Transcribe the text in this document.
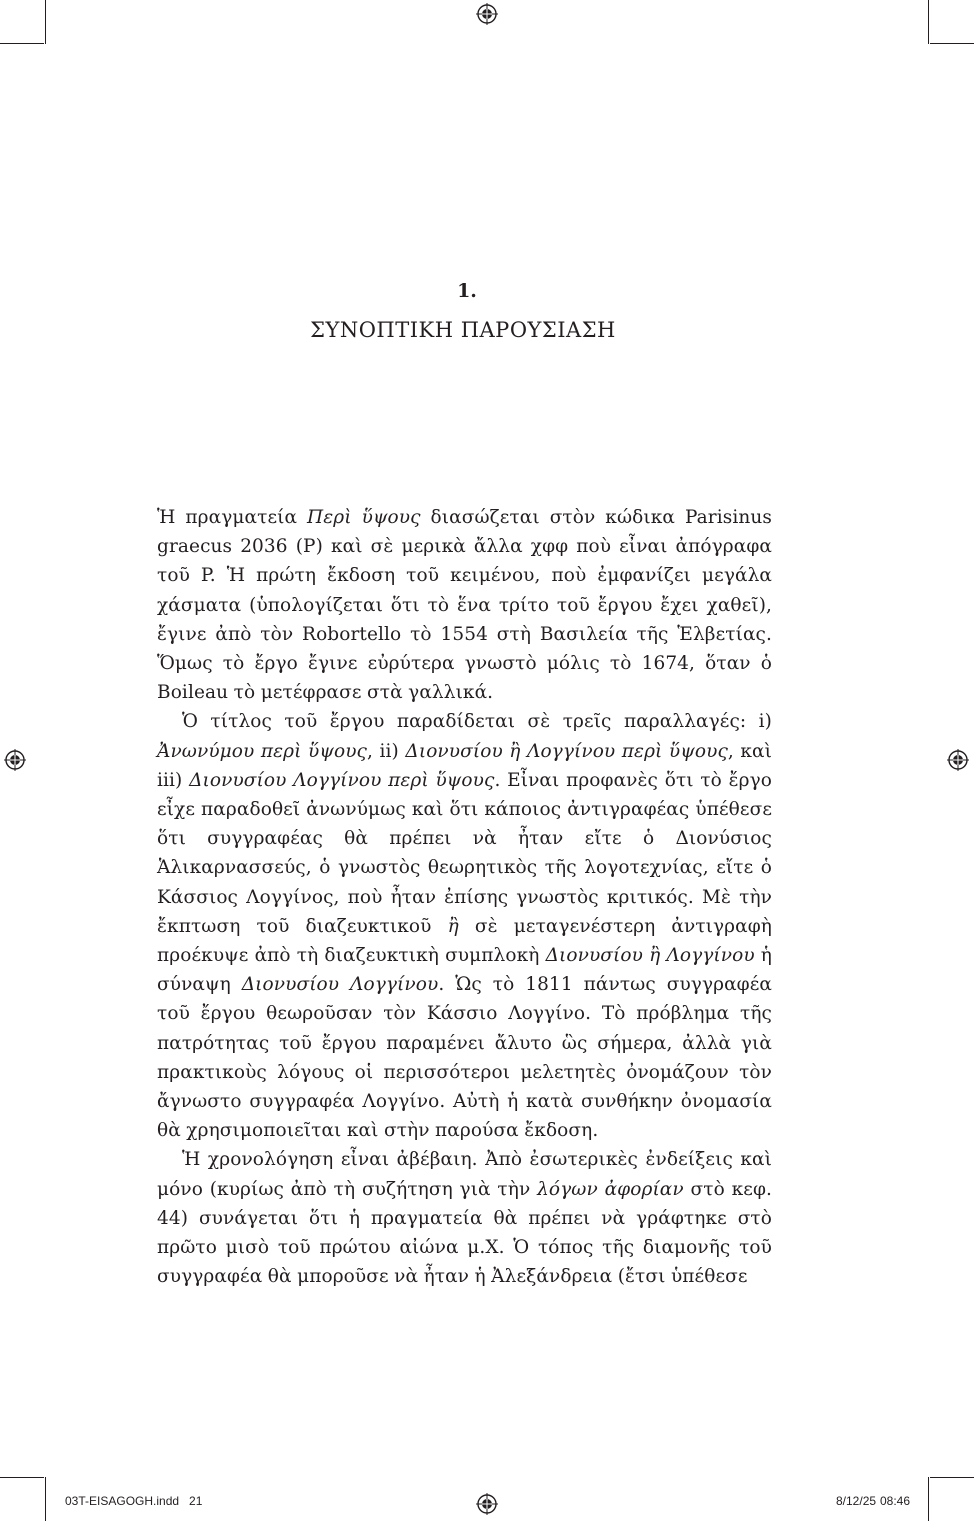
1.
ΣΥΝΟΠΤΙΚΗ ΠΑΡΟΥΣΙΑΣΗ

Ἡ πραγματεία Περὶ ὕψους διασώζεται στὸν κώδικα Parisinus graecus 2036 (P) καὶ σὲ μερικὰ ἄλλα χφφ ποὺ εἶναι ἀπόγραφα τοῦ P. Ἡ πρώτη ἔκδοση τοῦ κειμένου, ποὺ ἐμφανίζει μεγάλα χάσματα (ὑπολογίζεται ὅτι τὸ ἕνα τρίτο τοῦ ἔργου ἔχει χαθεῖ), ἔγινε ἀπὸ τὸν Robortello τὸ 1554 στὴ Βασιλεία τῆς Ἑλβετίας. Ὅμως τὸ ἔργο ἔγινε εὐρύτερα γνωστὸ μόλις τὸ 1674, ὅταν ὁ Boileau τὸ μετέφρασε στὰ γαλλικά.

Ὁ τίτλος τοῦ ἔργου παραδίδεται σὲ τρεῖς παραλλαγές: i) Ἀνωνύμου περὶ ὕψους, ii) Διονυσίου ἢ Λογγίνου περὶ ὕψους, καὶ iii) Διονυσίου Λογγίνου περὶ ὕψους. Εἶναι προφανὲς ὅτι τὸ ἔργο εἶχε παραδοθεῖ ἀνωνύμως καὶ ὅτι κάποιος ἀντιγραφέας ὑπέθεσε ὅτι συγγραφέας θὰ πρέπει νὰ ἦταν εἴτε ὁ Διονύσιος Ἁλικαρνασσεύς, ὁ γνωστὸς θεωρητικὸς τῆς λογοτεχνίας, εἴτε ὁ Κάσσιος Λογγίνος, ποὺ ἦταν ἐπίσης γνωστὸς κριτικός. Μὲ τὴν ἔκπτωση τοῦ διαζευκτικοῦ ἢ σὲ μεταγενέστερη ἀντιγραφὴ προέκυψε ἀπὸ τὴ διαζευκτικὴ συμπλοκὴ Διονυσίου ἢ Λογγίνου ἡ σύναψη Διονυσίου Λογγίνου. Ὡς τὸ 1811 πάντως συγγραφέα τοῦ ἔργου θεωροῦσαν τὸν Κάσσιο Λογγίνο. Τὸ πρόβλημα τῆς πατρότητας τοῦ ἔργου παραμένει ἄλυτο ὣς σήμερα, ἀλλὰ γιὰ πρακτικοὺς λόγους οἱ περισσότεροι μελετητὲς ὀνομάζουν τὸν ἄγνωστο συγγραφέα Λογγίνο. Αὐτὴ ἡ κατὰ συνθήκην ὀνομασία θὰ χρησιμοποιεῖται καὶ στὴν παρούσα ἔκδοση.

Ἡ χρονολόγηση εἶναι ἀβέβαιη. Ἀπὸ ἐσωτερικὲς ἐνδείξεις καὶ μόνο (κυρίως ἀπὸ τὴ συζήτηση γιὰ τὴν λόγων ἀφορίαν στὸ κεφ. 44) συνάγεται ὅτι ἡ πραγματεία θὰ πρέπει νὰ γράφτηκε στὸ πρῶτο μισὸ τοῦ πρώτου αἰώνα μ.Χ. Ὁ τόπος τῆς διαμονῆς τοῦ συγγραφέα θὰ μποροῦσε νὰ ἦταν ἡ Ἀλεξάνδρεια (ἔτσι ὑπέθεσε

03T-EISAGOGH.indd   21	8/12/25 08:46
